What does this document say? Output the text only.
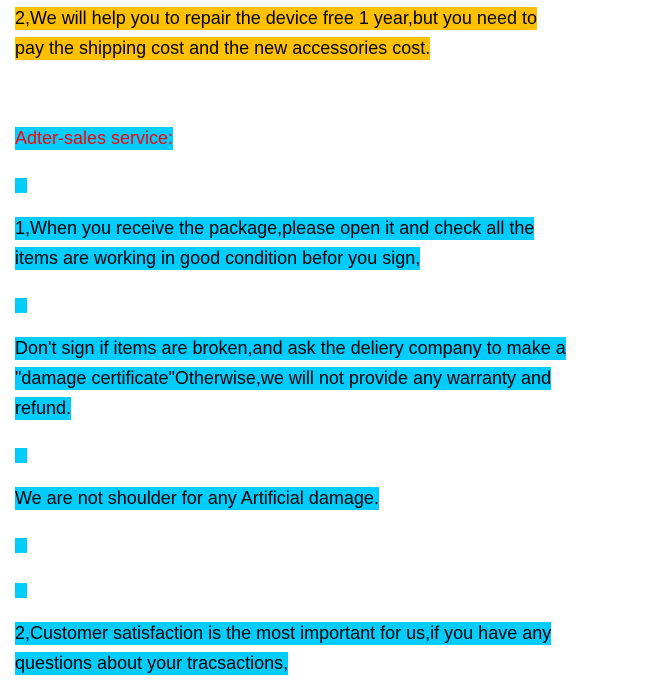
2,We will help you to repair the device free 1 year,but you need to
pay the shipping cost and the new accessories cost.
Adter-sales service:
1,When you receive the package,please open it and check all the
items are working in good condition befor you sign,
Don't sign if items are broken,and ask the deliery company to make a
"damage certificate"Otherwise,we will not provide any warranty and
refund.
We are not shoulder for any Artificial damage.
2,Customer satisfaction is the most important for us,if you have any
questions about your tracsactions,
